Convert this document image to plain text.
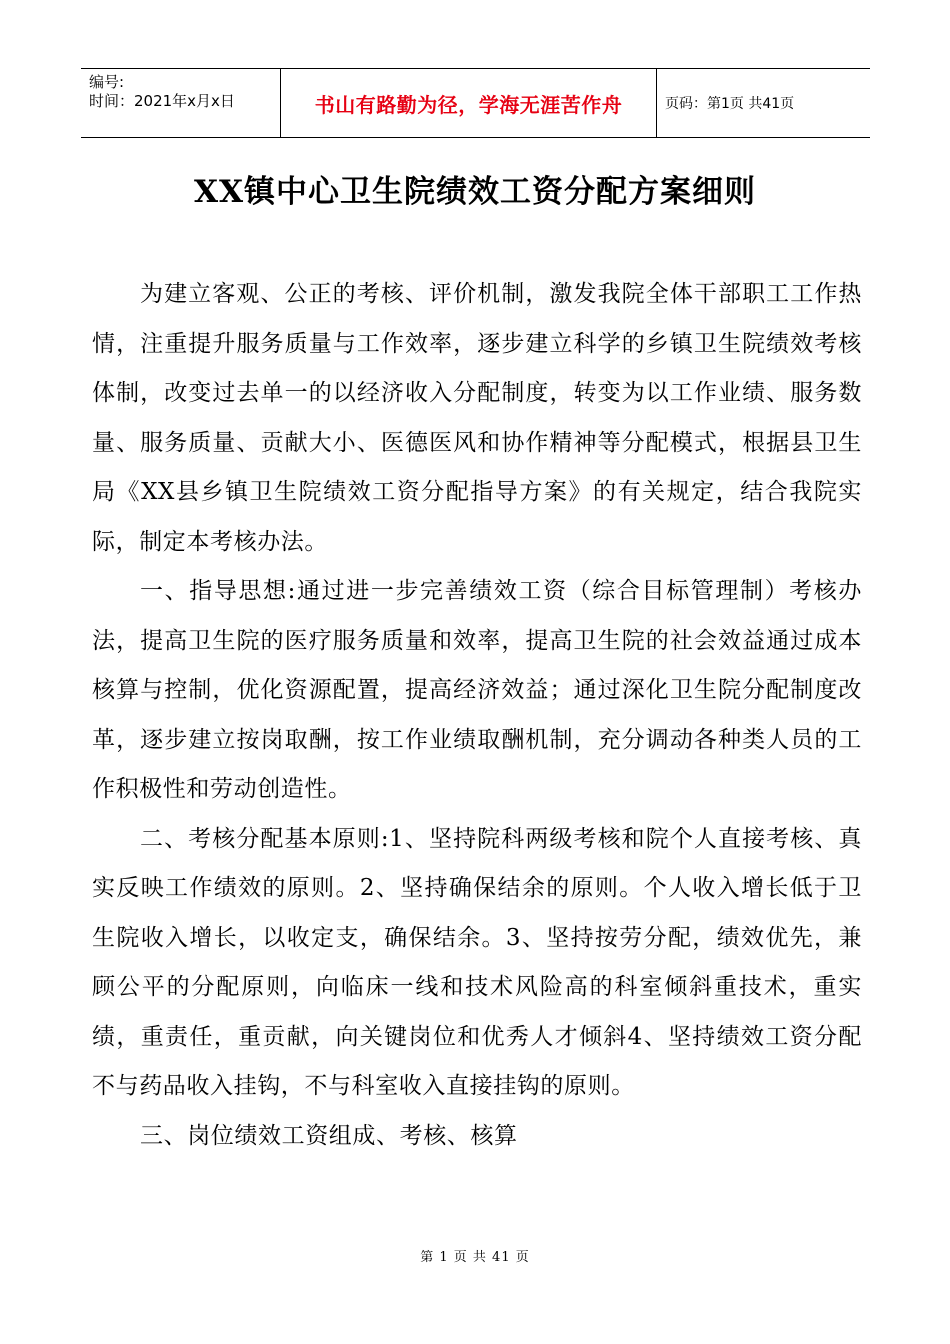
编号:
时间：2021年x月x日	书山有路勤为径，学海无涯苦作舟	页码：第1页 共41页
XX镇中心卫生院绩效工资分配方案细则

为建立客观、公正的考核、评价机制，激发我院全体干部职工工作热情，注重提升服务质量与工作效率，逐步建立科学的乡镇卫生院绩效考核体制，改变过去单一的以经济收入分配制度，转变为以工作业绩、服务数量、服务质量、贡献大小、医德医风和协作精神等分配模式，根据县卫生局《XX县乡镇卫生院绩效工资分配指导方案》的有关规定，结合我院实际，制定本考核办法。

一、指导思想:通过进一步完善绩效工资（综合目标管理制）考核办法，提高卫生院的医疗服务质量和效率，提高卫生院的社会效益通过成本核算与控制，优化资源配置，提高经济效益；通过深化卫生院分配制度改革，逐步建立按岗取酬，按工作业绩取酬机制，充分调动各种类人员的工作积极性和劳动创造性。

二、考核分配基本原则:1、坚持院科两级考核和院个人直接考核、真实反映工作绩效的原则。2、坚持确保结余的原则。个人收入增长低于卫生院收入增长，以收定支，确保结余。3、坚持按劳分配，绩效优先，兼顾公平的分配原则，向临床一线和技术风险高的科室倾斜重技术，重实绩，重责任，重贡献，向关键岗位和优秀人才倾斜4、坚持绩效工资分配不与药品收入挂钩，不与科室收入直接挂钩的原则。

三、岗位绩效工资组成、考核、核算

第 1 页 共 41 页
